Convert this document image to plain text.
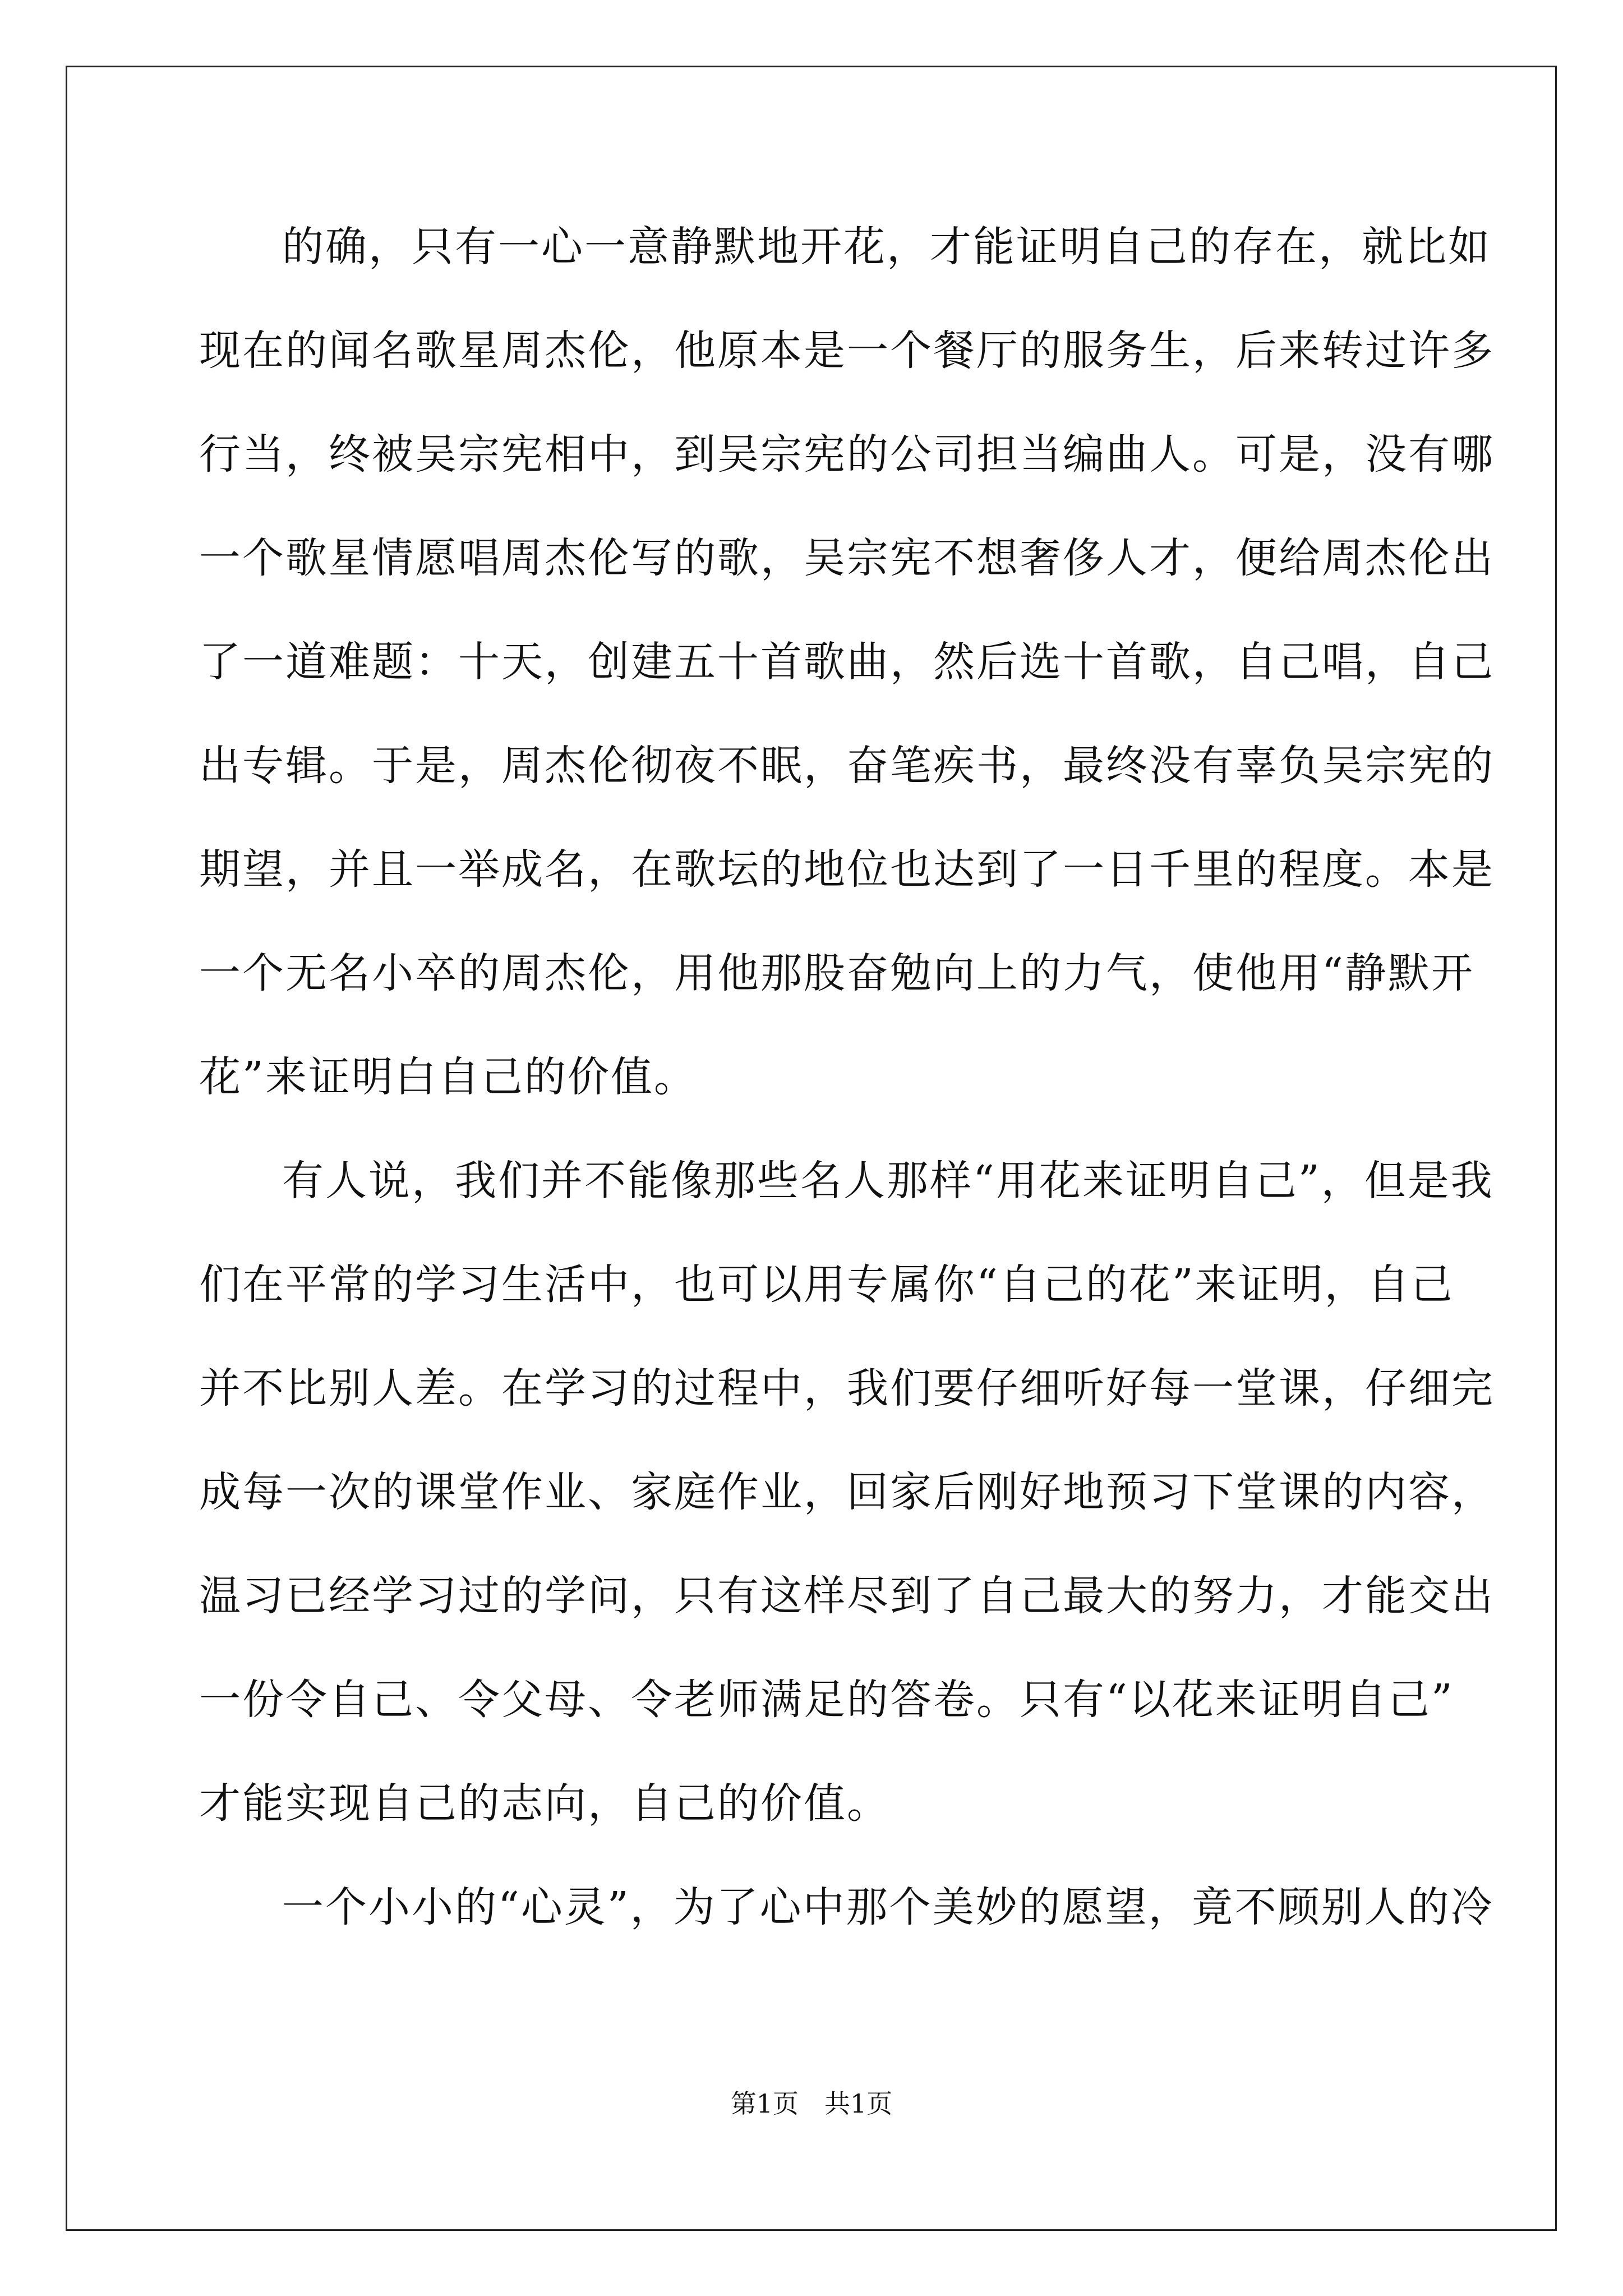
的确，只有一心一意静默地开花，才能证明自己的存在，就比如
现在的闻名歌星周杰伦，他原本是一个餐厅的服务生，后来转过许多
行当，终被吴宗宪相中，到吴宗宪的公司担当编曲人。可是，没有哪
一个歌星情愿唱周杰伦写的歌，吴宗宪不想奢侈人才，便给周杰伦出
了一道难题：十天，创建五十首歌曲，然后选十首歌，自己唱，自己
出专辑。于是，周杰伦彻夜不眠，奋笔疾书，最终没有辜负吴宗宪的
期望，并且一举成名，在歌坛的地位也达到了一日千里的程度。本是
一个无名小卒的周杰伦，用他那股奋勉向上的力气，使他用“静默开
花”来证明白自己的价值。
有人说，我们并不能像那些名人那样“用花来证明自己”，但是我
们在平常的学习生活中，也可以用专属你“自己的花”来证明，自己
并不比别人差。在学习的过程中，我们要仔细听好每一堂课，仔细完
成每一次的课堂作业、家庭作业，回家后刚好地预习下堂课的内容，
温习已经学习过的学问，只有这样尽到了自己最大的努力，才能交出
一份令自己、令父母、令老师满足的答卷。只有“以花来证明自己”
才能实现自己的志向，自己的价值。
一个小小的“心灵”，为了心中那个美妙的愿望，竟不顾别人的冷
第1页　共1页
